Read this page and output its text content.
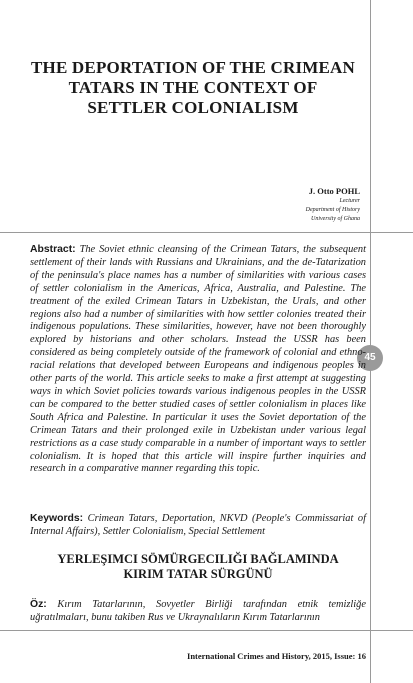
45
THE DEPORTATION OF THE CRIMEAN
TATARS IN THE CONTEXT OF
SETTLER COLONIALISM
J. Otto POHL
Lecturer
Department of History
University of Ghana
Abstract: The Soviet ethnic cleansing of the Crimean Tatars, the subsequent settlement of their lands with Russians and Ukrainians, and the de-Tatarization of the peninsula's place names has a number of similarities with various cases of settler colonialism in the Americas, Africa, Australia, and Palestine. The treatment of the exiled Crimean Tatars in Uzbekistan, the Urals, and other regions also had a number of similarities with how settler colonies treated their indigenous populations. These similarities, however, have not been thoroughly explored by historians and other scholars. Instead the USSR has been considered as being completely outside of the framework of colonial and ethno-racial relations that developed between Europeans and indigenous peoples in other parts of the world. This article seeks to make a first attempt at suggesting ways in which Soviet policies towards various indigenous peoples in the USSR can be compared to the better studied cases of settler colonialism in places like South Africa and Palestine. In particular it uses the Soviet deportation of the Crimean Tatars and their prolonged exile in Uzbekistan under various legal restrictions as a case study comparable in a number of important ways to settler colonialism. It is hoped that this article will inspire further inquiries and research in a comparative manner regarding this topic.
Keywords: Crimean Tatars, Deportation, NKVD (People's Commissariat of Internal Affairs), Settler Colonialism, Special Settlement
YERLEŞIMCI SÖMÜRGECILIĞI BAĞLAMINDA
KIRIM TATAR SÜRGÜNÜ
Öz: Kırım Tatarlarının, Sovyetler Birliği tarafından etnik temizliğe uğratılmaları, bunu takiben Rus ve Ukraynalıların Kırım Tatarlarının
International Crimes and History, 2015, Issue: 16
